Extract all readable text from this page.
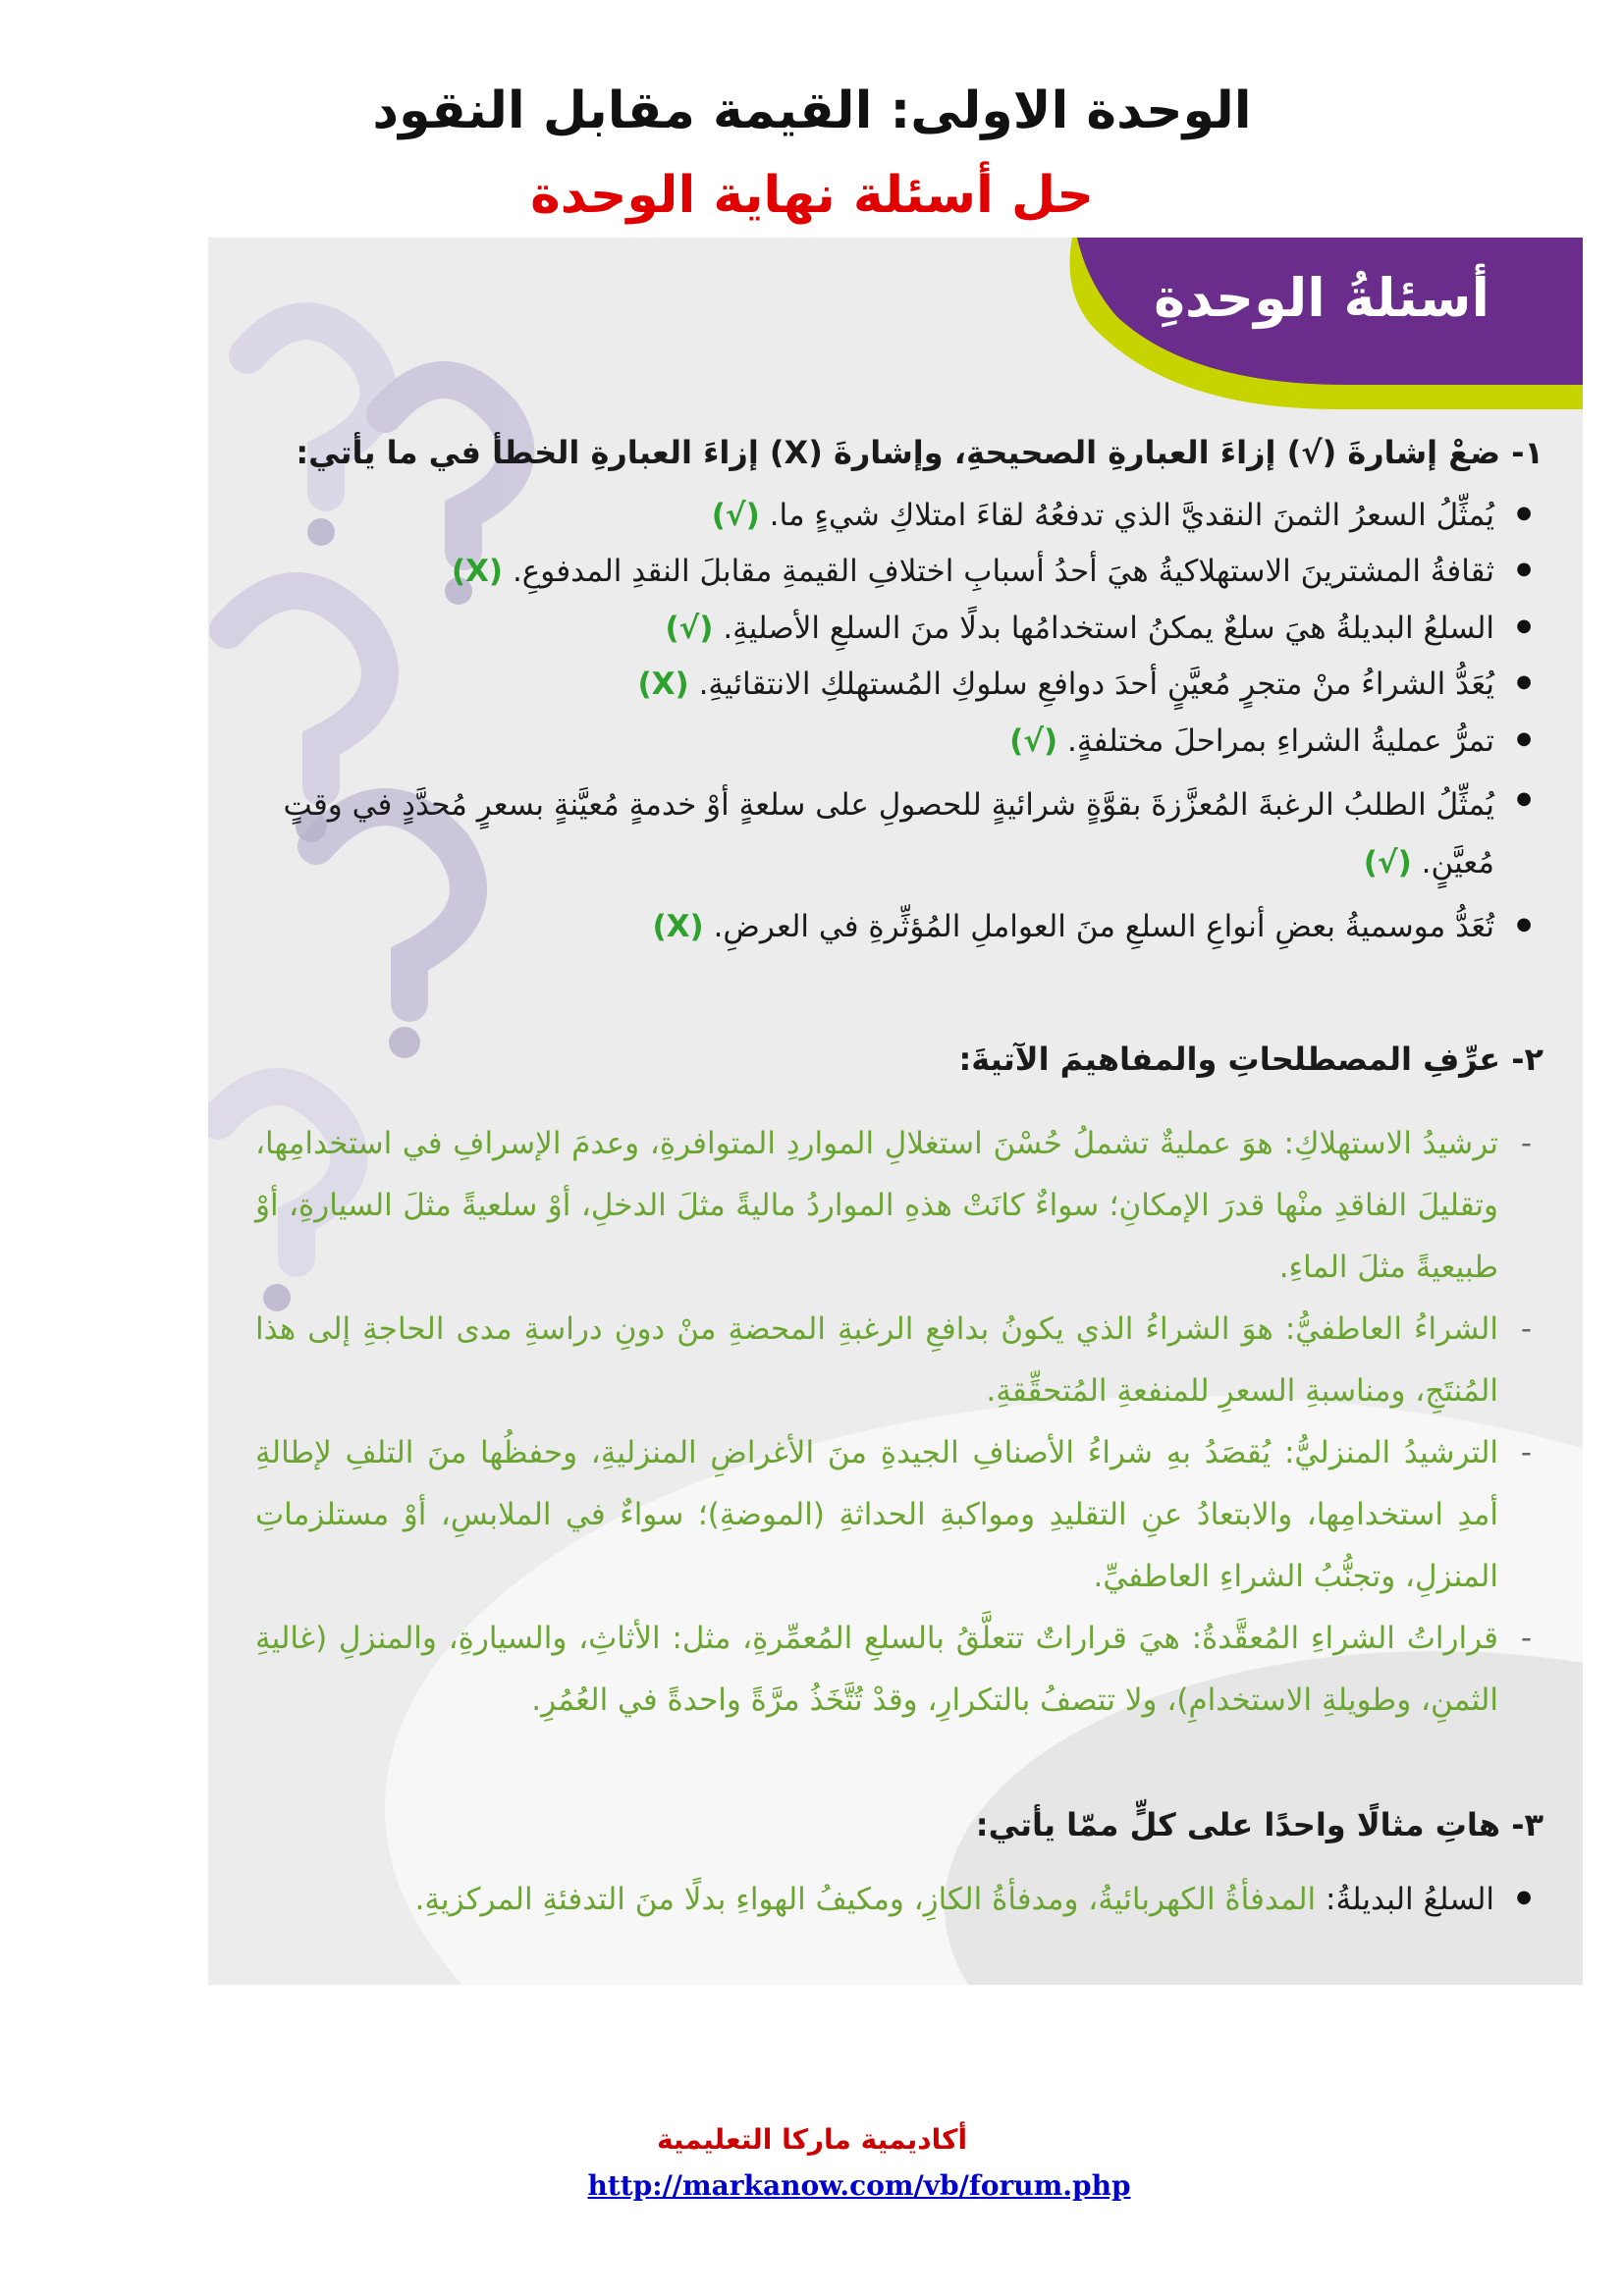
الوحدة الاولى: القيمة مقابل النقود
حل أسئلة نهاية الوحدة
أسئلةُ الوحدةِ
١- ضعْ إشارةَ (√) إزاءَ العبارةِ الصحيحةِ، وإشارةَ (X) إزاءَ العبارةِ الخطأ في ما يأتي:
● يُمثِّلُ السعرُ الثمنَ النقديَّ الذي تدفعُهُ لقاءَ امتلاكِ شيءٍ ما. (√)
● ثقافةُ المشترينَ الاستهلاكيةُ هيَ أحدُ أسبابِ اختلافِ القيمةِ مقابلَ النقدِ المدفوعِ. (X)
● السلعُ البديلةُ هيَ سلعٌ يمكنُ استخدامُها بدلًا منَ السلعِ الأصليةِ. (√)
● يُعَدُّ الشراءُ منْ متجرٍ مُعيَّنٍ أحدَ دوافعِ سلوكِ المُستهلكِ الانتقائيةِ. (X)
● تمرُّ عمليةُ الشراءِ بمراحلَ مختلفةٍ. (√)
● يُمثِّلُ الطلبُ الرغبةَ المُعزَّزةَ بقوَّةٍ شرائيةٍ للحصولِ على سلعةٍ أوْ خدمةٍ مُعيَّنةٍ بسعرٍ مُحدَّدٍ في وقتٍ مُعيَّنٍ. (√)
● تُعَدُّ موسميةُ بعضِ أنواعِ السلعِ منَ العواملِ المُؤثِّرةِ في العرضِ. (X)
٢- عرِّفِ المصطلحاتِ والمفاهيمَ الآتيةَ:
- ترشيدُ الاستهلاكِ: هوَ عمليةٌ تشملُ حُسْنَ استغلالِ المواردِ المتوافرةِ، وعدمَ الإسرافِ في استخدامِها، وتقليلَ الفاقدِ منْها قدرَ الإمكانِ؛ سواءٌ كانَتْ هذهِ المواردُ ماليةً مثلَ الدخلِ، أوْ سلعيةً مثلَ السيارةِ، أوْ طبيعيةً مثلَ الماءِ.
- الشراءُ العاطفيُّ: هوَ الشراءُ الذي يكونُ بدافعِ الرغبةِ المحضةِ منْ دونِ دراسةِ مدى الحاجةِ إلى هذا المُنتَجِ، ومناسبةِ السعرِ للمنفعةِ المُتحقِّقةِ.
- الترشيدُ المنزليُّ: يُقصَدُ بهِ شراءُ الأصنافِ الجيدةِ منَ الأغراضِ المنزليةِ، وحفظُها منَ التلفِ لإطالةِ أمدِ استخدامِها، والابتعادُ عنِ التقليدِ ومواكبةِ الحداثةِ (الموضةِ)؛ سواءٌ في الملابسِ، أوْ مستلزماتِ المنزلِ، وتجنُّبُ الشراءِ العاطفيِّ.
- قراراتُ الشراءِ المُعقَّدةُ: هيَ قراراتٌ تتعلَّقُ بالسلعِ المُعمِّرةِ، مثل: الأثاثِ، والسيارةِ، والمنزلِ (غاليةِ الثمنِ، وطويلةِ الاستخدامِ)، ولا تتصفُ بالتكرارِ، وقدْ تُتَّخَذُ مرَّةً واحدةً في العُمُرِ.
٣- هاتِ مثالًا واحدًا على كلٍّ ممّا يأتي:
● السلعُ البديلةُ: المدفأةُ الكهربائيةُ، ومدفأةُ الكازِ، ومكيفُ الهواءِ بدلًا منَ التدفئةِ المركزيةِ.
أكاديمية ماركا التعليمية
http://markanow.com/vb/forum.php
